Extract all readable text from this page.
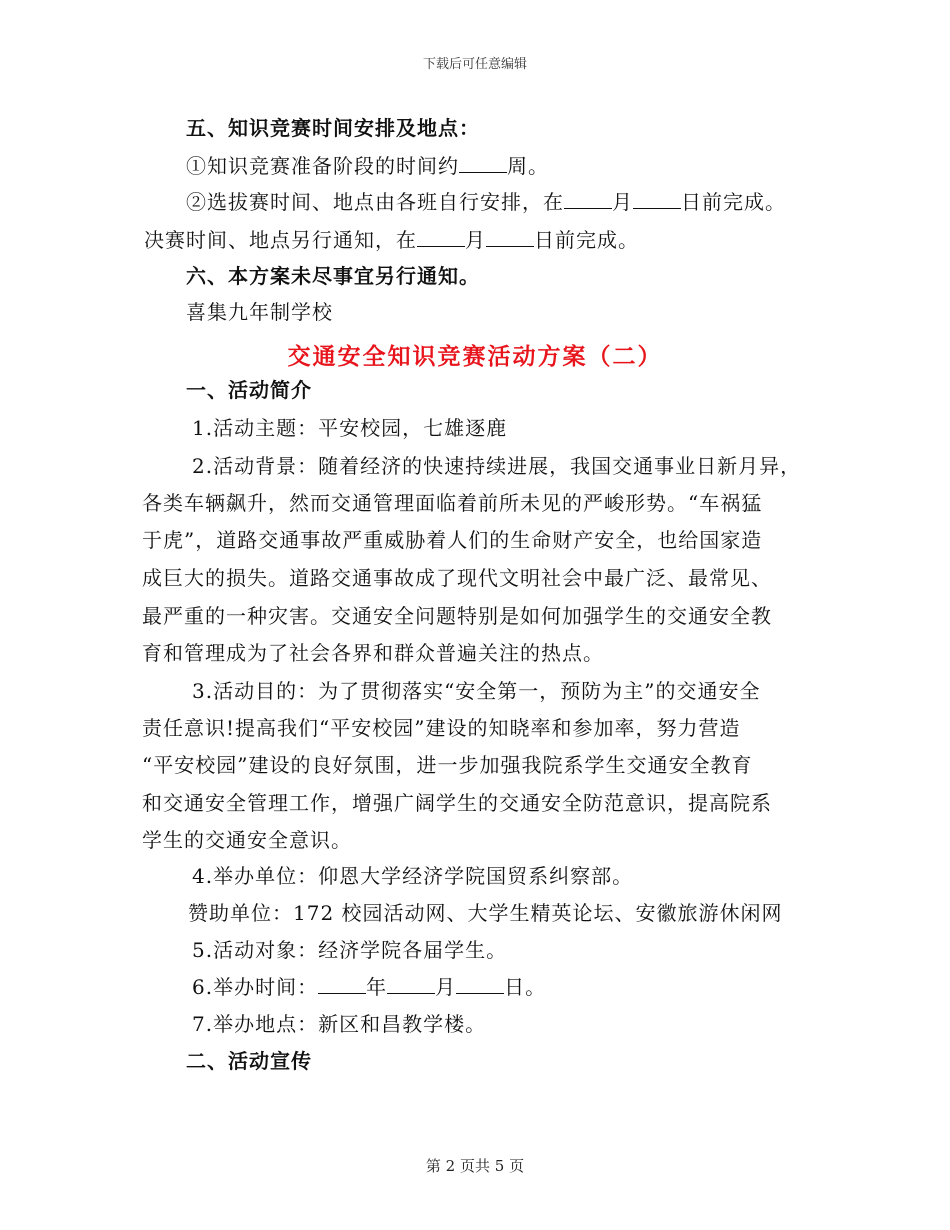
下载后可任意编辑
五、知识竞赛时间安排及地点：
①知识竞赛准备阶段的时间约 周。
②选拔赛时间、地点由各班自行安排，在 月 日前完成。
决赛时间、地点另行通知，在 月 日前完成。
六、本方案未尽事宜另行通知。
喜集九年制学校
交通安全知识竞赛活动方案（二）
一、活动简介
1.活动主题：平安校园，七雄逐鹿
2.活动背景：随着经济的快速持续进展，我国交通事业日新月异，
各类车辆飙升，然而交通管理面临着前所未见的严峻形势。“车祸猛
于虎”，道路交通事故严重威胁着人们的生命财产安全，也给国家造
成巨大的损失。道路交通事故成了现代文明社会中最广泛、最常见、
最严重的一种灾害。交通安全问题特别是如何加强学生的交通安全教
育和管理成为了社会各界和群众普遍关注的热点。
3.活动目的：为了贯彻落实“安全第一，预防为主”的交通安全
责任意识!提高我们“平安校园”建设的知晓率和参加率，努力营造
“平安校园”建设的良好氛围，进一步加强我院系学生交通安全教育
和交通安全管理工作，增强广阔学生的交通安全防范意识，提高院系
学生的交通安全意识。
4.举办单位：仰恩大学经济学院国贸系纠察部。
赞助单位：172 校园活动网、大学生精英论坛、安徽旅游休闲网
5.活动对象：经济学院各届学生。
6.举办时间： 年 月 日。
7.举办地点：新区和昌教学楼。
二、活动宣传
第 2 页共 5 页
